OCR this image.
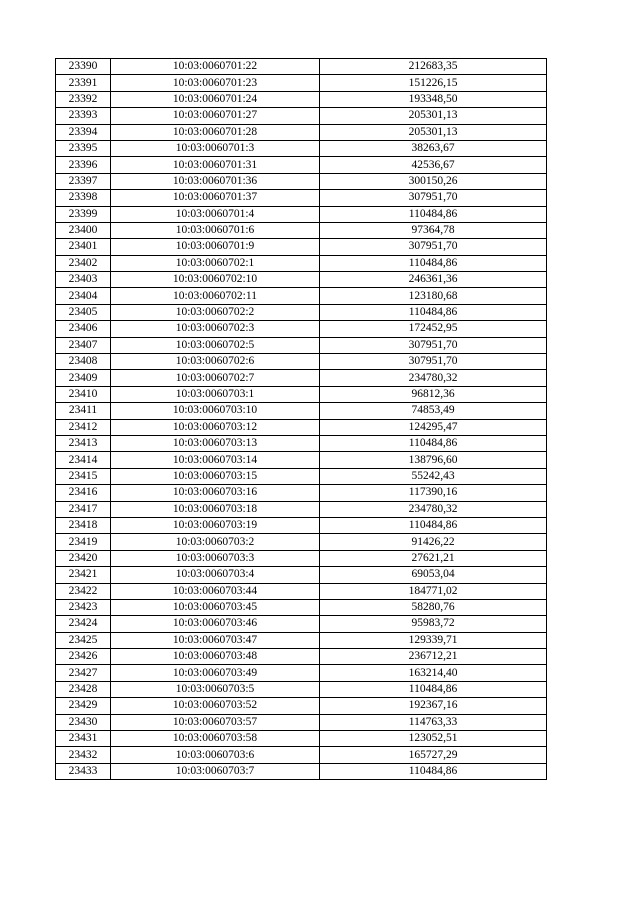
23390	10:03:0060701:22	212683,35
23391	10:03:0060701:23	151226,15
23392	10:03:0060701:24	193348,50
23393	10:03:0060701:27	205301,13
23394	10:03:0060701:28	205301,13
23395	10:03:0060701:3	38263,67
23396	10:03:0060701:31	42536,67
23397	10:03:0060701:36	300150,26
23398	10:03:0060701:37	307951,70
23399	10:03:0060701:4	110484,86
23400	10:03:0060701:6	97364,78
23401	10:03:0060701:9	307951,70
23402	10:03:0060702:1	110484,86
23403	10:03:0060702:10	246361,36
23404	10:03:0060702:11	123180,68
23405	10:03:0060702:2	110484,86
23406	10:03:0060702:3	172452,95
23407	10:03:0060702:5	307951,70
23408	10:03:0060702:6	307951,70
23409	10:03:0060702:7	234780,32
23410	10:03:0060703:1	96812,36
23411	10:03:0060703:10	74853,49
23412	10:03:0060703:12	124295,47
23413	10:03:0060703:13	110484,86
23414	10:03:0060703:14	138796,60
23415	10:03:0060703:15	55242,43
23416	10:03:0060703:16	117390,16
23417	10:03:0060703:18	234780,32
23418	10:03:0060703:19	110484,86
23419	10:03:0060703:2	91426,22
23420	10:03:0060703:3	27621,21
23421	10:03:0060703:4	69053,04
23422	10:03:0060703:44	184771,02
23423	10:03:0060703:45	58280,76
23424	10:03:0060703:46	95983,72
23425	10:03:0060703:47	129339,71
23426	10:03:0060703:48	236712,21
23427	10:03:0060703:49	163214,40
23428	10:03:0060703:5	110484,86
23429	10:03:0060703:52	192367,16
23430	10:03:0060703:57	114763,33
23431	10:03:0060703:58	123052,51
23432	10:03:0060703:6	165727,29
23433	10:03:0060703:7	110484,86
